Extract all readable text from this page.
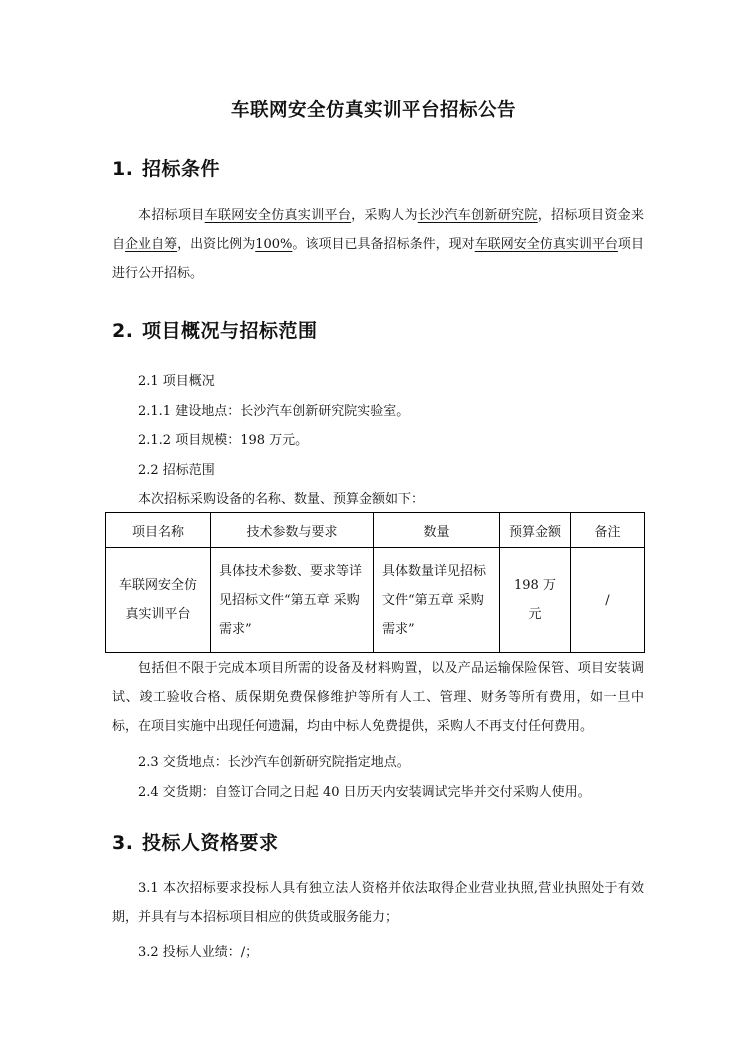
车联网安全仿真实训平台招标公告
1. 招标条件
本招标项目车联网安全仿真实训平台，采购人为长沙汽车创新研究院，招标项目资金来自企业自筹，出资比例为100%。该项目已具备招标条件，现对车联网安全仿真实训平台项目进行公开招标。
2. 项目概况与招标范围
2.1 项目概况
2.1.1 建设地点：长沙汽车创新研究院实验室。
2.1.2 项目规模：198 万元。
2.2 招标范围
本次招标采购设备的名称、数量、预算金额如下：
项目名称	技术参数与要求	数量	预算金额	备注
车联网安全仿真实训平台	具体技术参数、要求等详见招标文件“第五章 采购需求”	具体数量详见招标文件“第五章 采购需求”	198 万元	/
包括但不限于完成本项目所需的设备及材料购置，以及产品运输保险保管、项目安装调试、竣工验收合格、质保期免费保修维护等所有人工、管理、财务等所有费用，如一旦中标，在项目实施中出现任何遗漏，均由中标人免费提供，采购人不再支付任何费用。
2.3 交货地点：长沙汽车创新研究院指定地点。
2.4 交货期：自签订合同之日起 40 日历天内安装调试完毕并交付采购人使用。
3. 投标人资格要求
3.1 本次招标要求投标人具有独立法人资格并依法取得企业营业执照,营业执照处于有效期，并具有与本招标项目相应的供货或服务能力；
3.2 投标人业绩：/；
